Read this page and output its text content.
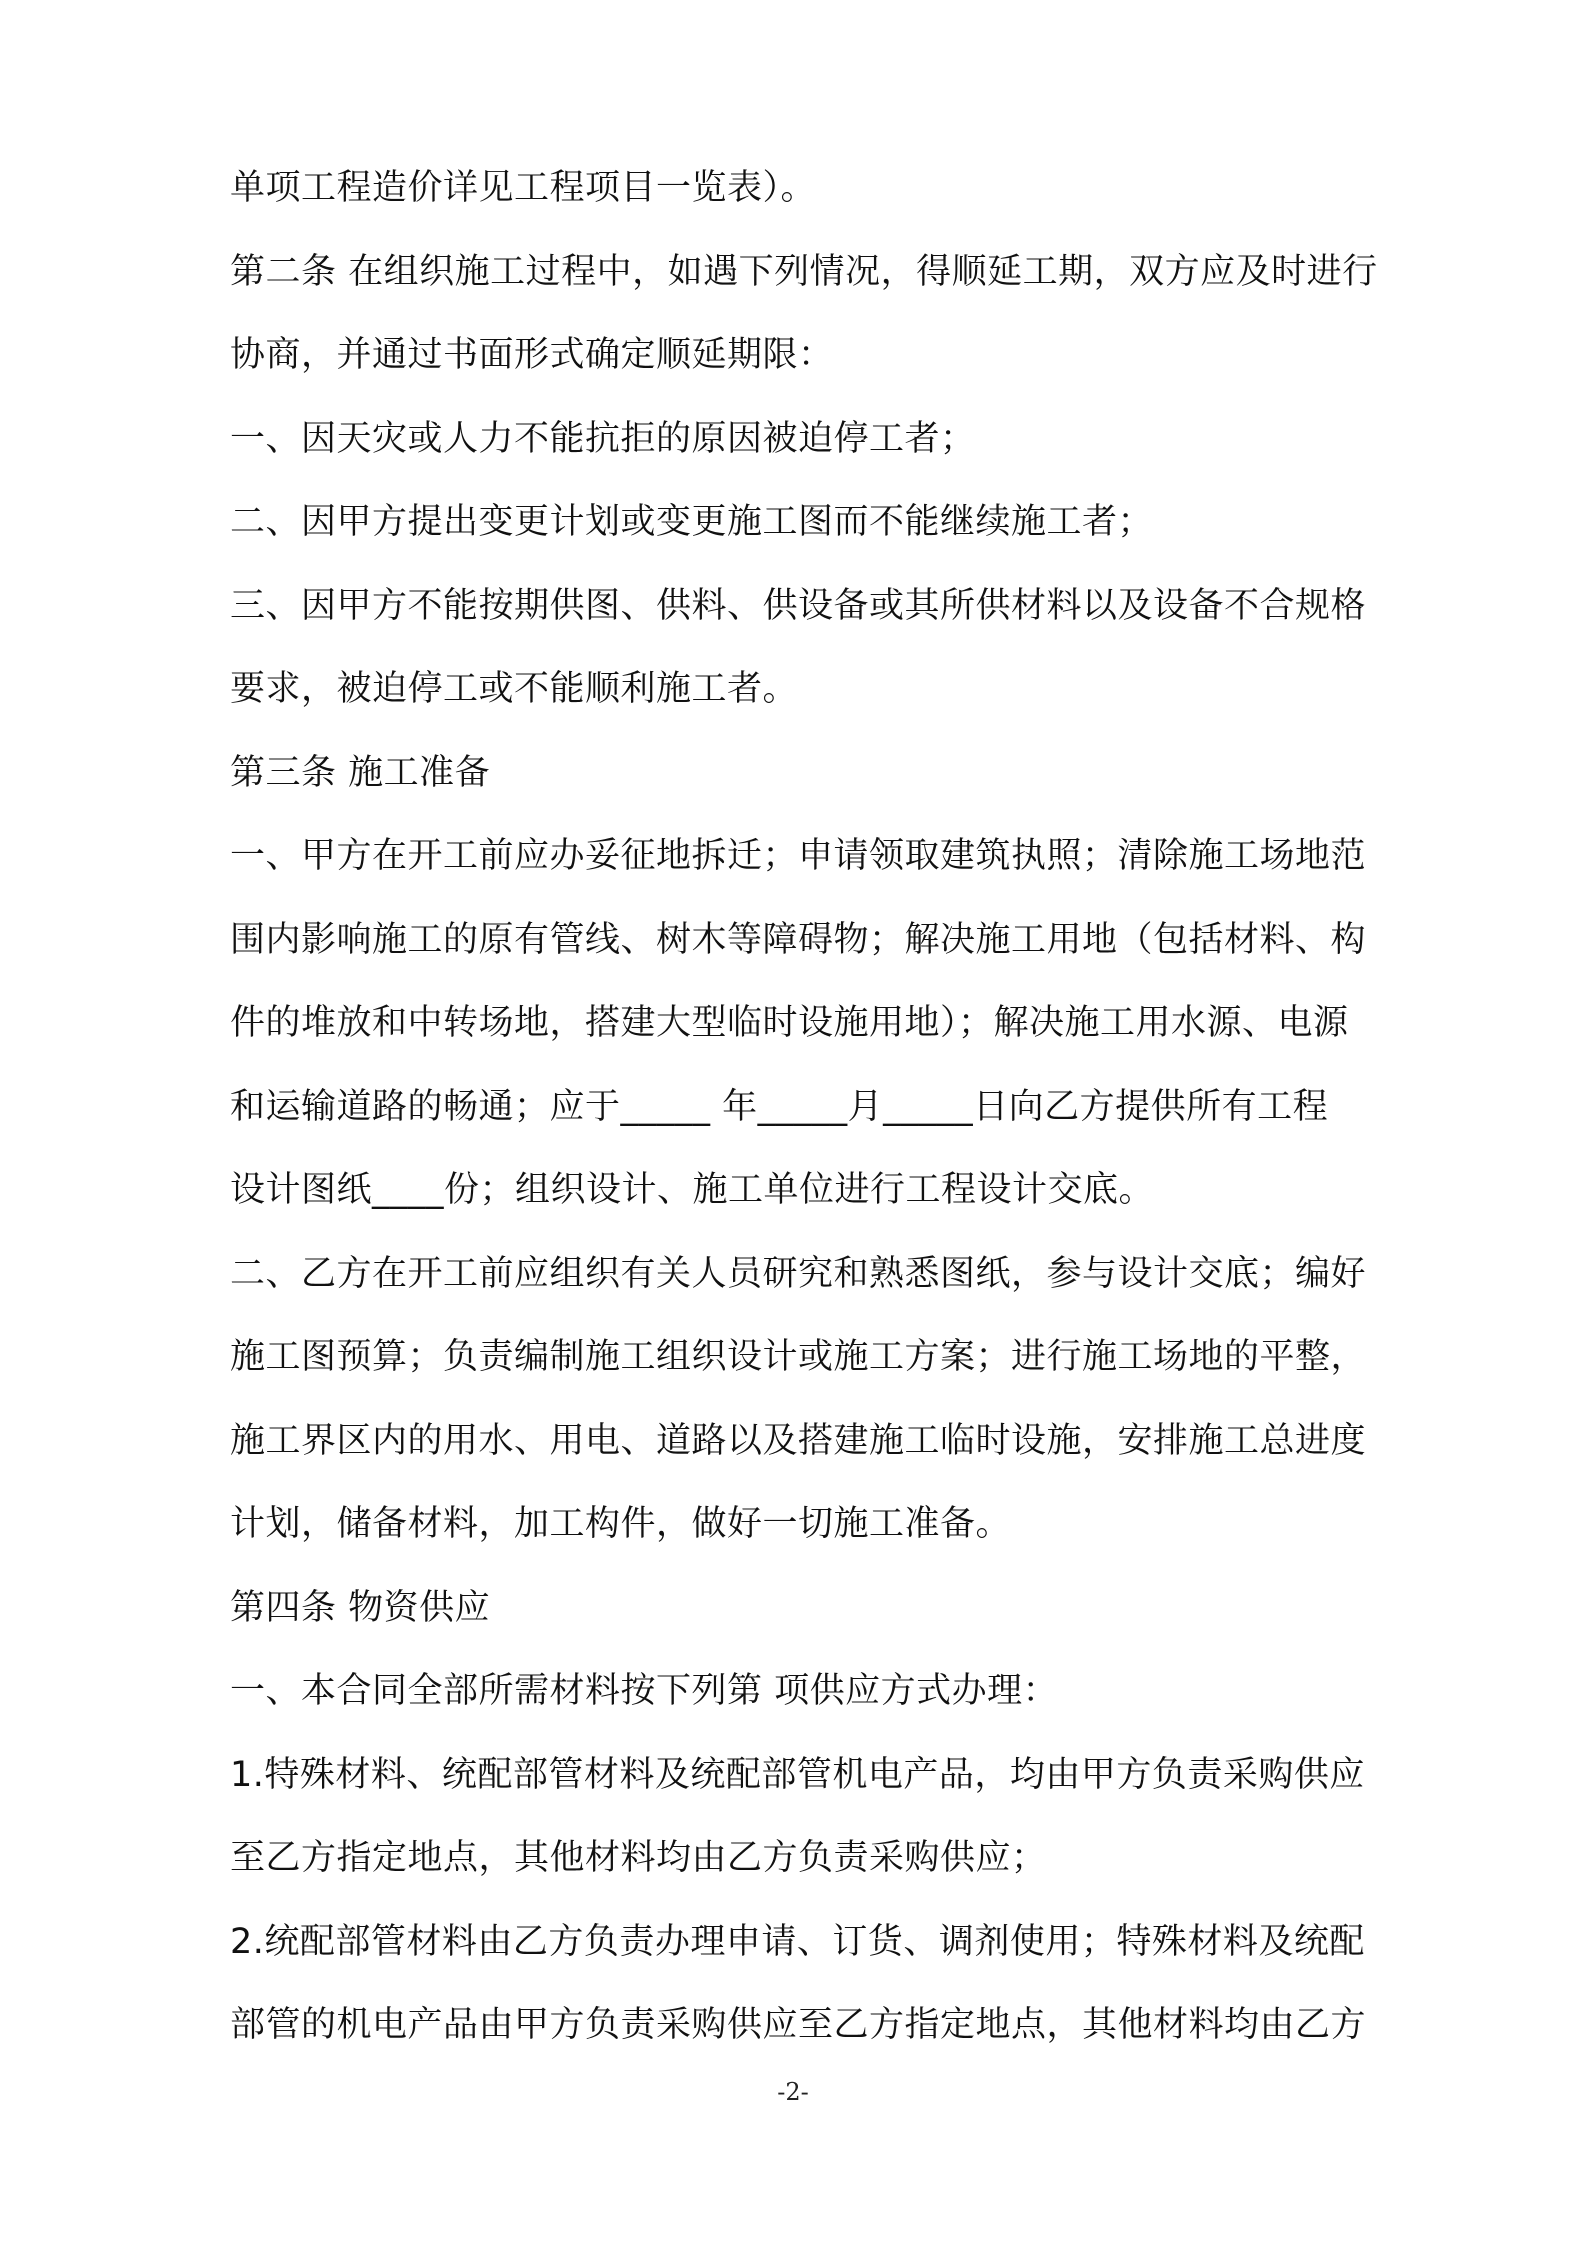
单项工程造价详见工程项目一览表）。
第二条 在组织施工过程中，如遇下列情况，得顺延工期，双方应及时进行
协商，并通过书面形式确定顺延期限：
一、因天灾或人力不能抗拒的原因被迫停工者；
二、因甲方提出变更计划或变更施工图而不能继续施工者；
三、因甲方不能按期供图、供料、供设备或其所供材料以及设备不合规格
要求，被迫停工或不能顺利施工者。
第三条 施工准备
一、甲方在开工前应办妥征地拆迁；申请领取建筑执照；清除施工场地范
围内影响施工的原有管线、树木等障碍物；解决施工用地（包括材料、构
件的堆放和中转场地，搭建大型临时设施用地）；解决施工用水源、电源
和运输道路的畅通；应于_____ 年_____月_____日向乙方提供所有工程
设计图纸____份；组织设计、施工单位进行工程设计交底。
二、乙方在开工前应组织有关人员研究和熟悉图纸，参与设计交底；编好
施工图预算；负责编制施工组织设计或施工方案；进行施工场地的平整，
施工界区内的用水、用电、道路以及搭建施工临时设施，安排施工总进度
计划，储备材料，加工构件，做好一切施工准备。
第四条 物资供应
一、本合同全部所需材料按下列第 项供应方式办理：
1.特殊材料、统配部管材料及统配部管机电产品，均由甲方负责采购供应
至乙方指定地点，其他材料均由乙方负责采购供应；
2.统配部管材料由乙方负责办理申请、订货、调剂使用；特殊材料及统配
部管的机电产品由甲方负责采购供应至乙方指定地点，其他材料均由乙方
-2-
